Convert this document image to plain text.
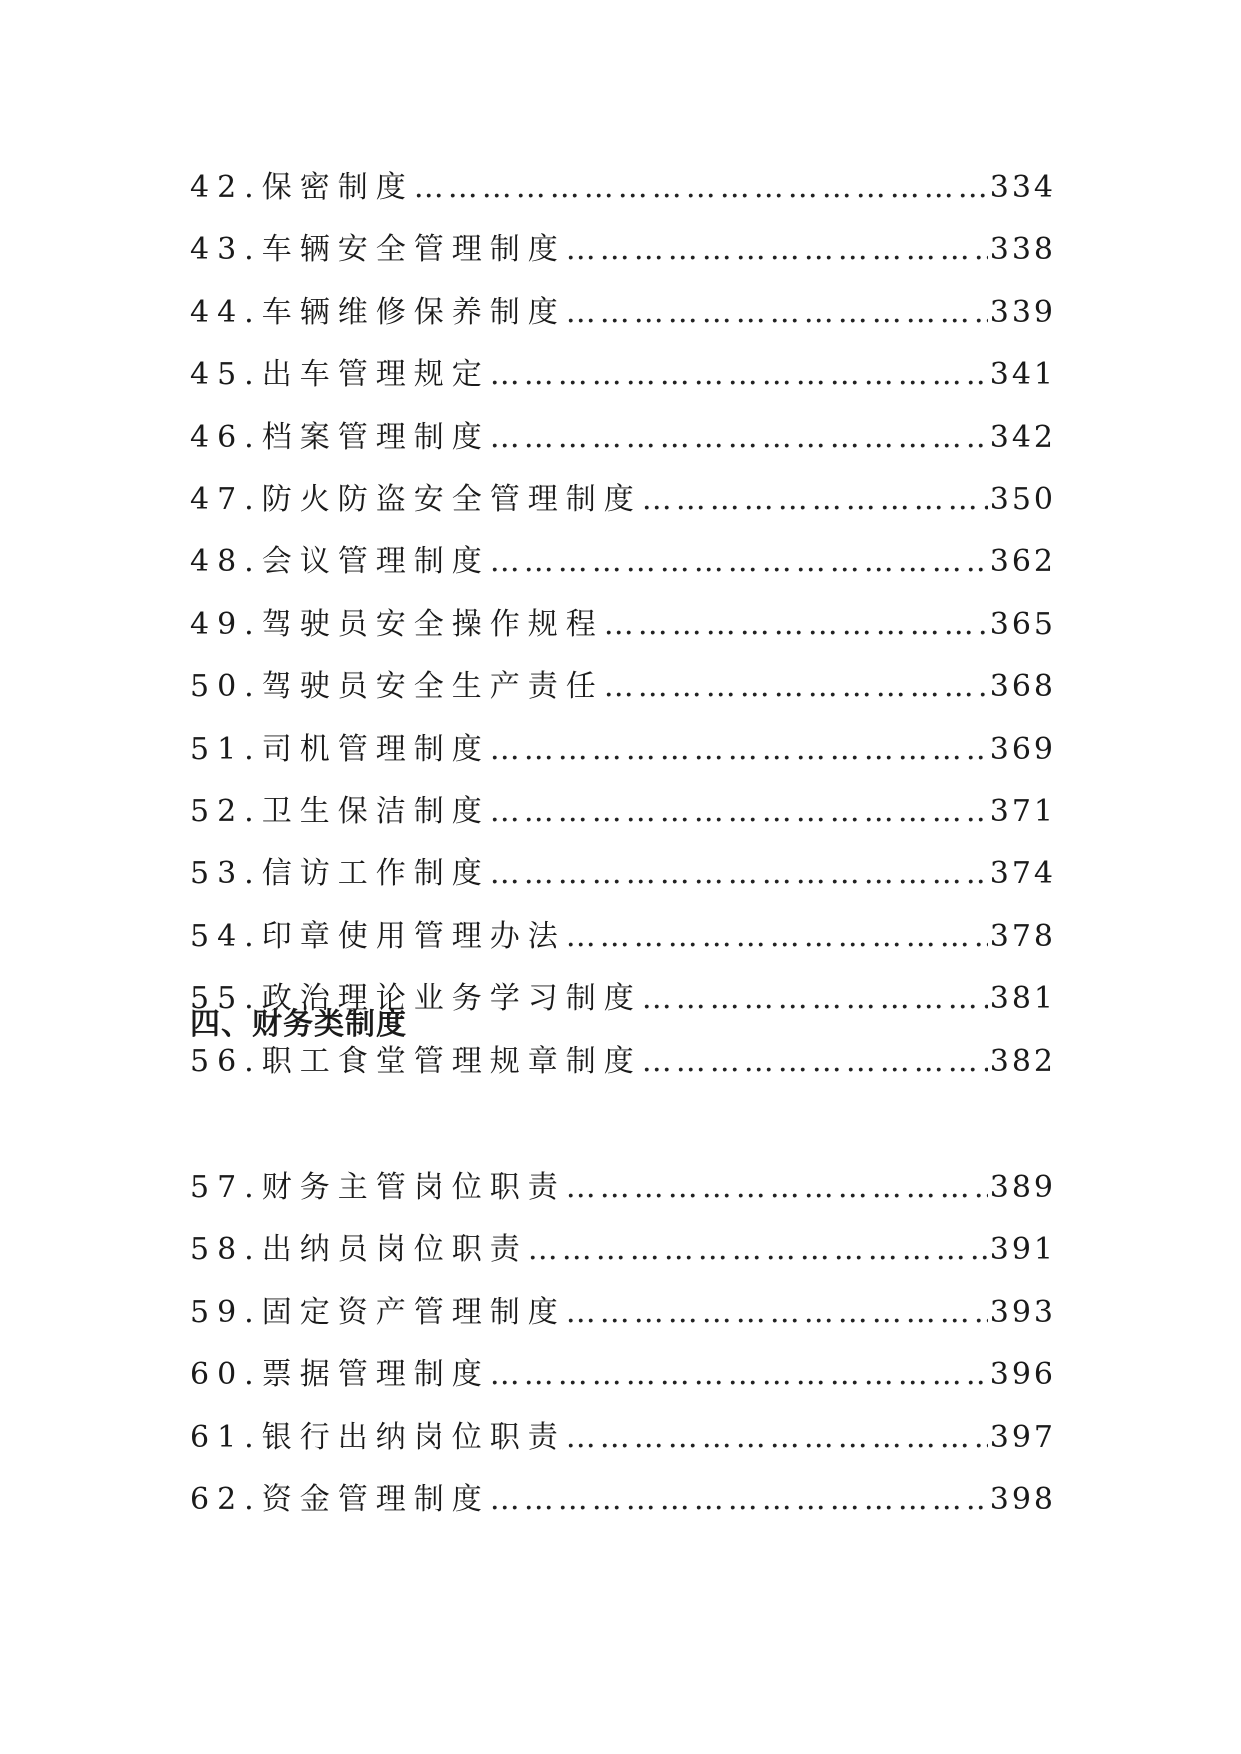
42. 保密制度 ……………………………………………………………………………………………………………………………………………………	334
43. 车辆安全管理制度 ……………………………………………………………………………………………………………………………………………………	338
44. 车辆维修保养制度 ……………………………………………………………………………………………………………………………………………………	339
45. 出车管理规定 ……………………………………………………………………………………………………………………………………………………	341
46. 档案管理制度 ……………………………………………………………………………………………………………………………………………………	342
47. 防火防盗安全管理制度 ……………………………………………………………………………………………………………………………………………………	350
48. 会议管理制度 ……………………………………………………………………………………………………………………………………………………	362
49. 驾驶员安全操作规程 ……………………………………………………………………………………………………………………………………………………	365
50. 驾驶员安全生产责任 ……………………………………………………………………………………………………………………………………………………	368
51. 司机管理制度 ……………………………………………………………………………………………………………………………………………………	369
52. 卫生保洁制度 ……………………………………………………………………………………………………………………………………………………	371
53. 信访工作制度 ……………………………………………………………………………………………………………………………………………………	374
54. 印章使用管理办法 ……………………………………………………………………………………………………………………………………………………	378
55. 政治理论业务学习制度 ……………………………………………………………………………………………………………………………………………………	381
56. 职工食堂管理规章制度 ……………………………………………………………………………………………………………………………………………………	382
四、财务类制度
57. 财务主管岗位职责 ……………………………………………………………………………………………………………………………………………………	389
58. 出纳员岗位职责 ……………………………………………………………………………………………………………………………………………………	391
59. 固定资产管理制度 ……………………………………………………………………………………………………………………………………………………	393
60. 票据管理制度 ……………………………………………………………………………………………………………………………………………………	396
61. 银行出纳岗位职责 ……………………………………………………………………………………………………………………………………………………	397
62. 资金管理制度 ……………………………………………………………………………………………………………………………………………………	398
